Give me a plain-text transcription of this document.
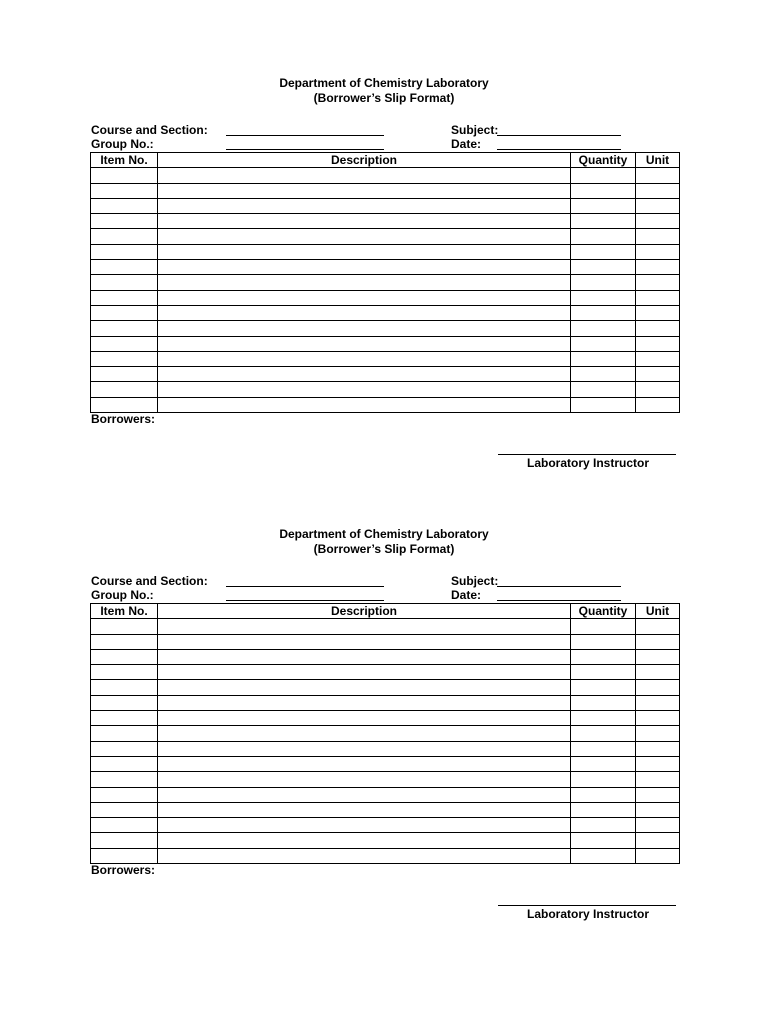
Department of Chemistry Laboratory
(Borrower’s Slip Format)
Course and Section:	Subject:
Group No.:	Date:
Item No.	Description	Quantity	Unit

Borrowers:
Laboratory Instructor
Department of Chemistry Laboratory
(Borrower’s Slip Format)
Course and Section:	Subject:
Group No.:	Date:
Item No.	Description	Quantity	Unit

Borrowers:
Laboratory Instructor
